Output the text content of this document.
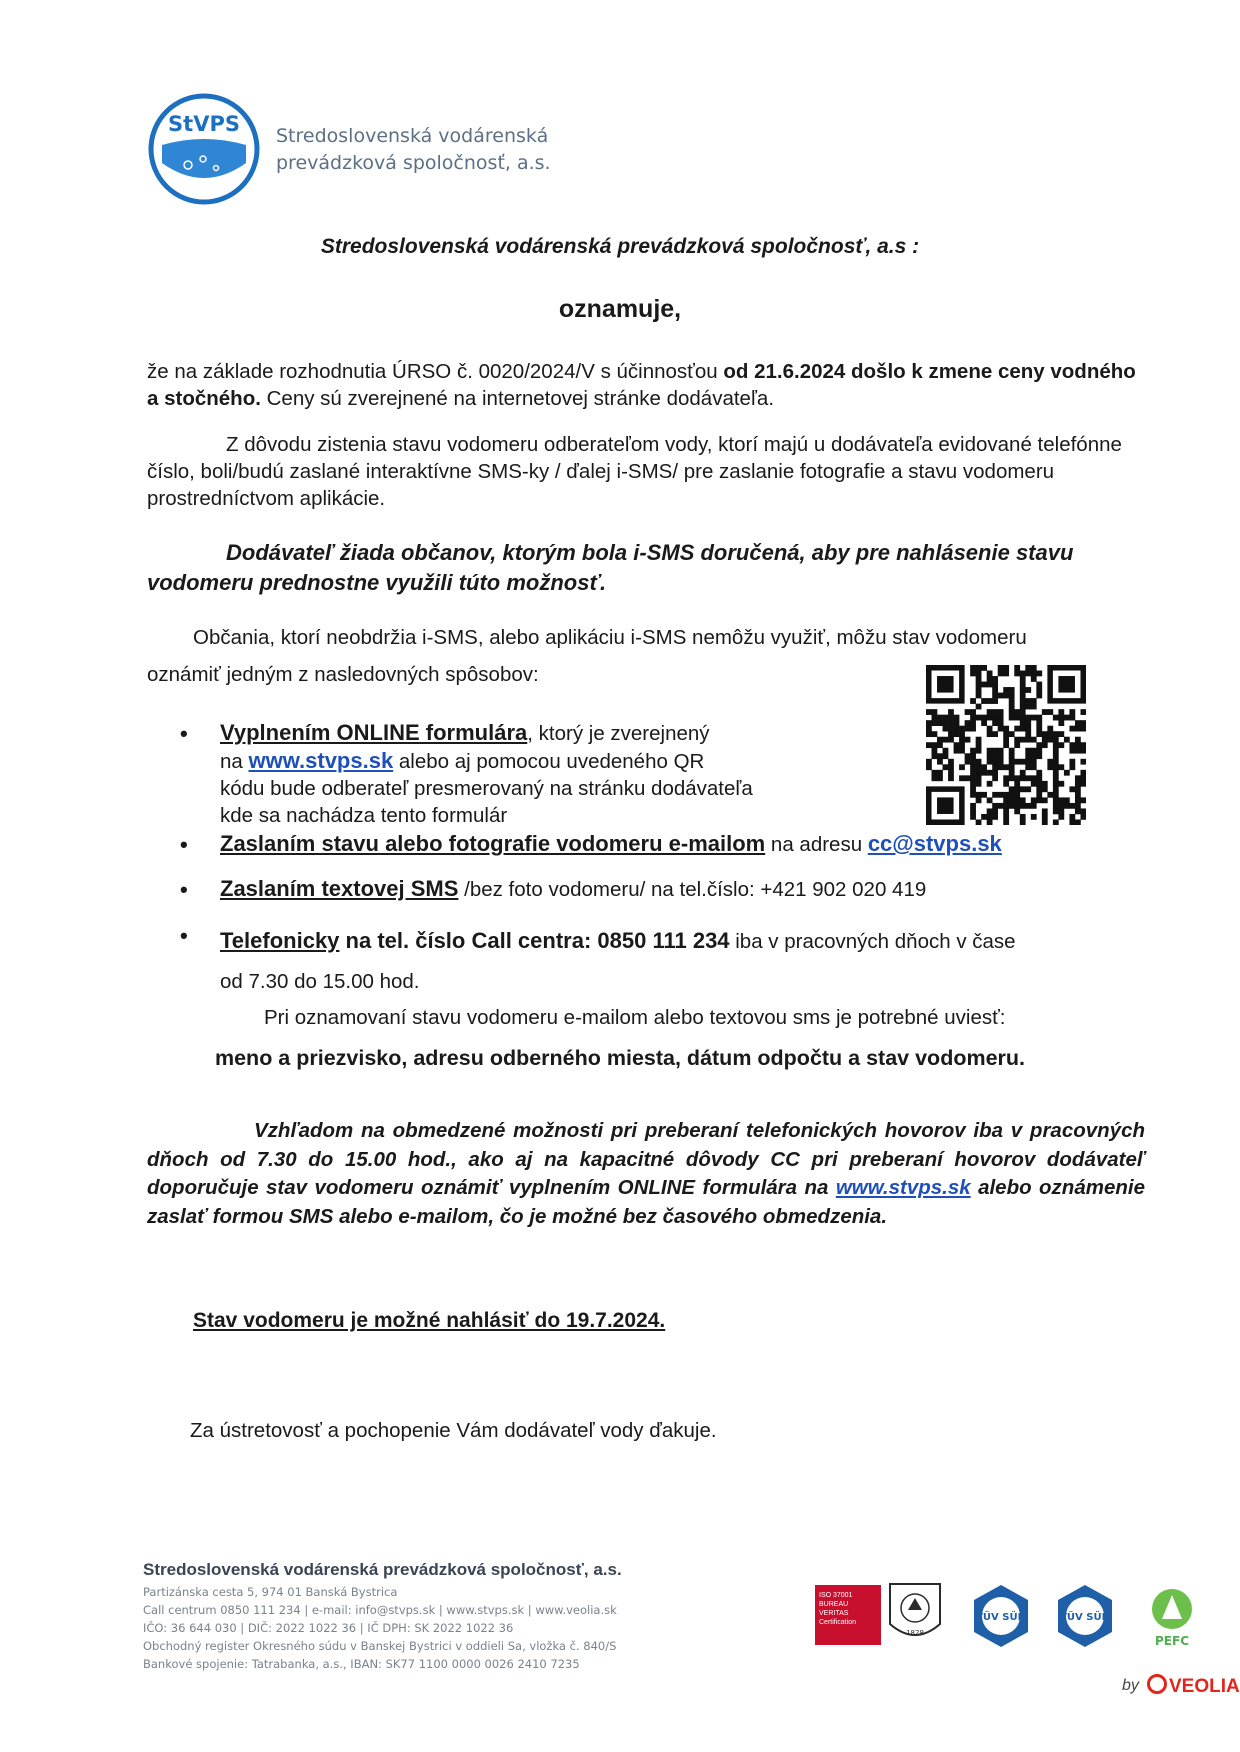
StVPS Stredoslovenská vodárenská
prevádzková spoločnosť, a.s.
Stredoslovenská vodárenská prevádzková spoločnosť, a.s :
oznamuje,
že na základe rozhodnutia ÚRSO č. 0020/2024/V s účinnosťou od 21.6.2024 došlo k zmene ceny vodného a stočného. Ceny sú zverejnené na internetovej stránke dodávateľa.
Z dôvodu zistenia stavu vodomeru odberateľom vody, ktorí majú u dodávateľa evidované telefónne číslo, boli/budú zaslané interaktívne SMS-ky / ďalej i-SMS/ pre zaslanie fotografie a stavu vodomeru prostredníctvom aplikácie.
Dodávateľ žiada občanov, ktorým bola i-SMS doručená, aby pre nahlásenie stavu vodomeru prednostne využili túto možnosť.
Občania, ktorí neobdržia i-SMS, alebo aplikáciu i-SMS nemôžu využiť, môžu stav vodomeru
oznámiť jedným z nasledovných spôsobov:
•	Vyplnením ONLINE formulára, ktorý je zverejnený
na www.stvps.sk alebo aj pomocou uvedeného QR
kódu bude odberateľ presmerovaný na stránku dodávateľa
kde sa nachádza tento formulár
•	Zaslaním stavu alebo fotografie vodomeru e-mailom na adresu cc@stvps.sk
•	Zaslaním textovej SMS /bez foto vodomeru/ na tel.číslo: +421 902 020 419
•	Telefonicky na tel. číslo Call centra: 0850 111 234 iba v pracovných dňoch v čase
od 7.30 do 15.00 hod.
Pri oznamovaní stavu vodomeru e-mailom alebo textovou sms je potrebné uviesť:
meno a priezvisko, adresu odberného miesta, dátum odpočtu a stav vodomeru.
Vzhľadom na obmedzené možnosti pri preberaní telefonických hovorov iba v pracovných dňoch od 7.30 do 15.00 hod., ako aj na kapacitné dôvody CC pri preberaní hovorov dodávateľ doporučuje stav vodomeru oznámiť vyplnením ONLINE formulára na www.stvps.sk alebo oznámenie zaslať formou SMS alebo e-mailom, čo je možné bez časového obmedzenia.
Stav vodomeru je možné nahlásiť do 19.7.2024.
Za ústretovosť a pochopenie Vám dodávateľ vody ďakuje.
Stredoslovenská vodárenská prevádzková spoločnosť, a.s.
Partizánska cesta 5, 974 01 Banská Bystrica
Call centrum 0850 111 234 | e-mail: info@stvps.sk | www.stvps.sk | www.veolia.sk
IČO: 36 644 030 | DIČ: 2022 1022 36 | IČ DPH: SK 2022 1022 36
Obchodný register Okresného súdu v Banskej Bystrici v oddieli Sa, vložka č. 840/S
Bankové spojenie: Tatrabanka, a.s., IBAN: SK77 1100 0000 0026 2410 7235
ISO 37001 BUREAU VERITAS Certification
1828
TÜV SÜD	TÜV SÜD
PEFC
by	VEOLIA
